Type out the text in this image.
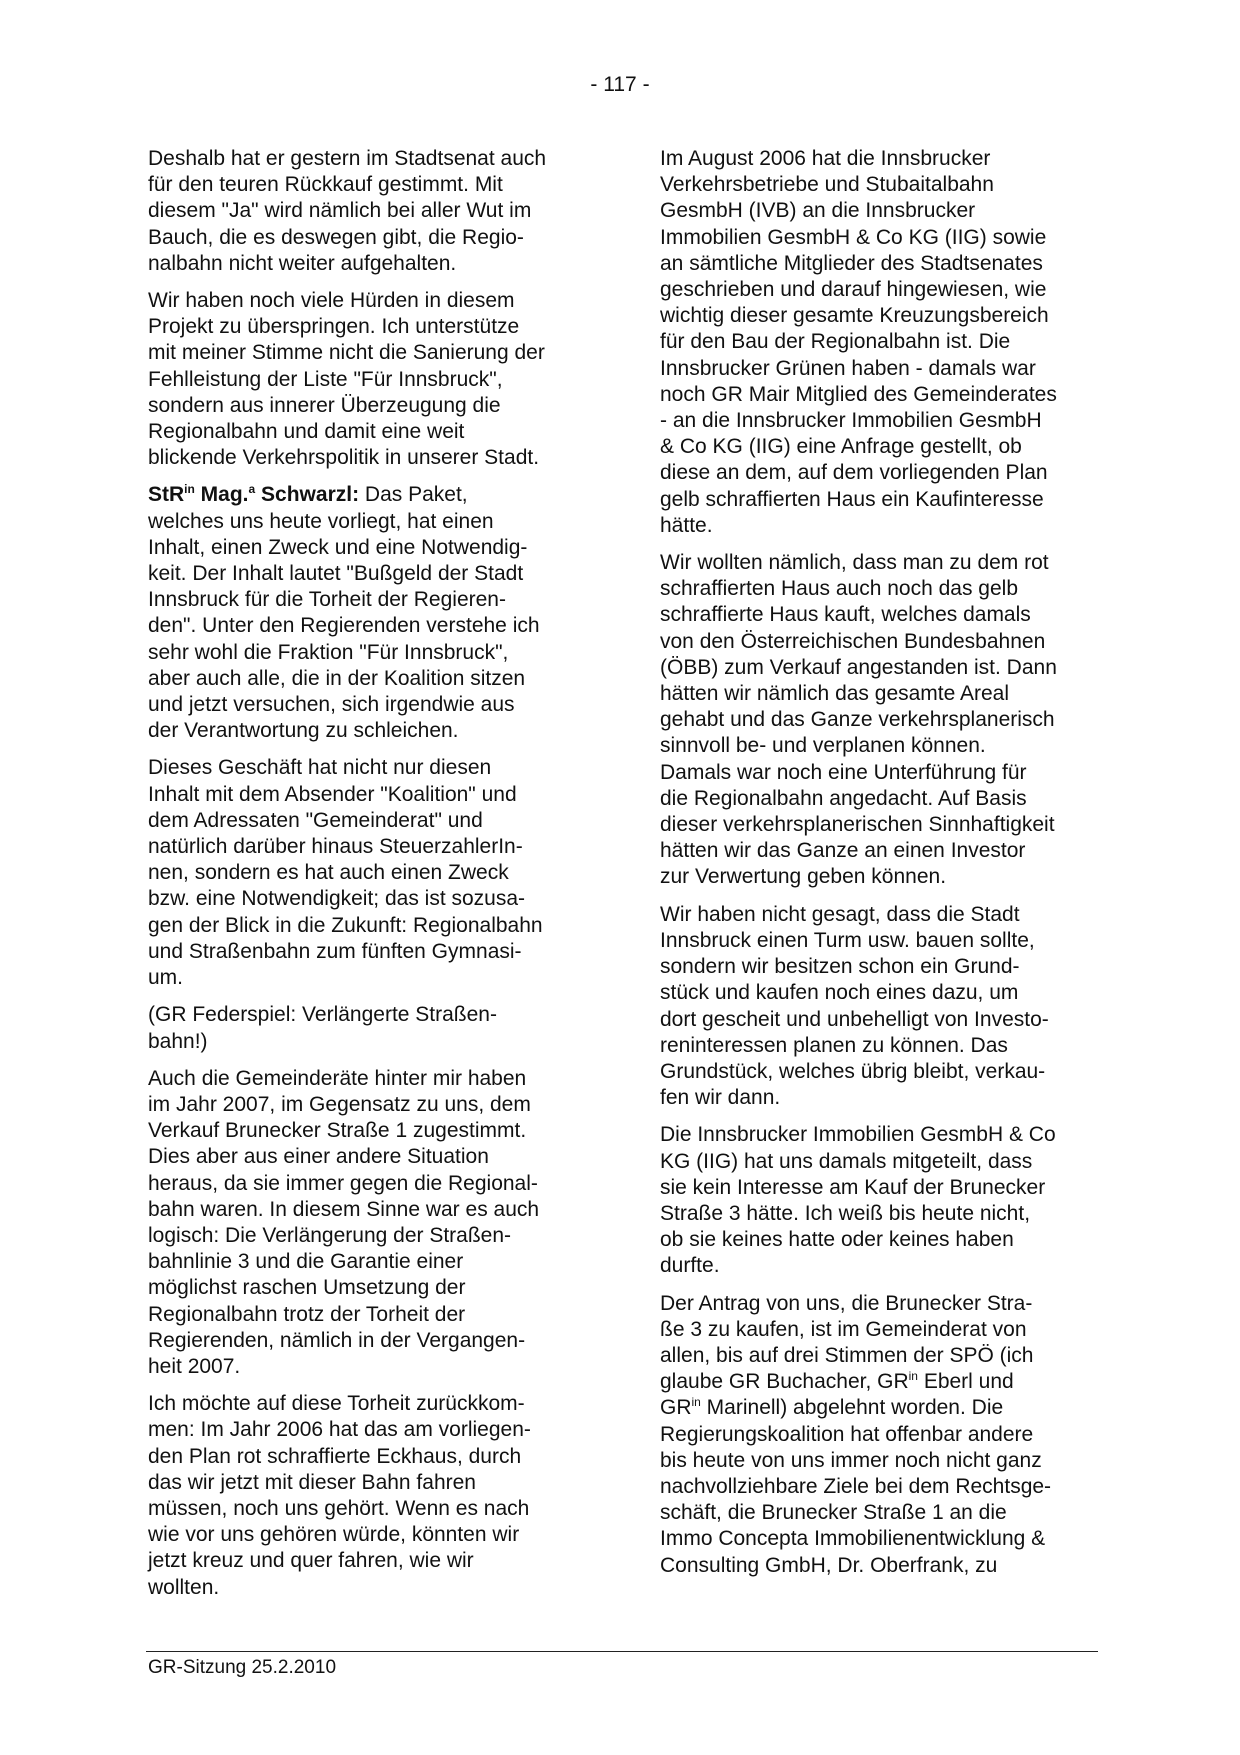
- 117 -
Deshalb hat er gestern im Stadtsenat auch
für den teuren Rückkauf gestimmt. Mit
diesem "Ja" wird nämlich bei aller Wut im
Bauch, die es deswegen gibt, die Regio-
nalbahn nicht weiter aufgehalten.
Wir haben noch viele Hürden in diesem
Projekt zu überspringen. Ich unterstütze
mit meiner Stimme nicht die Sanierung der
Fehlleistung der Liste "Für Innsbruck",
sondern aus innerer Überzeugung die
Regionalbahn und damit eine weit
blickende Verkehrspolitik in unserer Stadt.
StR$^{in}$ Mag.$^a$ Schwarzl: Das Paket,
welches uns heute vorliegt, hat einen
Inhalt, einen Zweck und eine Notwendig-
keit. Der Inhalt lautet "Bußgeld der Stadt
Innsbruck für die Torheit der Regieren-
den". Unter den Regierenden verstehe ich
sehr wohl die Fraktion "Für Innsbruck",
aber auch alle, die in der Koalition sitzen
und jetzt versuchen, sich irgendwie aus
der Verantwortung zu schleichen.
Dieses Geschäft hat nicht nur diesen
Inhalt mit dem Absender "Koalition" und
dem Adressaten "Gemeinderat" und
natürlich darüber hinaus SteuerzahlerIn-
nen, sondern es hat auch einen Zweck
bzw. eine Notwendigkeit; das ist sozusa-
gen der Blick in die Zukunft: Regionalbahn
und Straßenbahn zum fünften Gymnasi-
um.
(GR Federspiel: Verlängerte Straßen-
bahn!)
Auch die Gemeinderäte hinter mir haben
im Jahr 2007, im Gegensatz zu uns, dem
Verkauf Brunecker Straße 1 zugestimmt.
Dies aber aus einer andere Situation
heraus, da sie immer gegen die Regional-
bahn waren. In diesem Sinne war es auch
logisch: Die Verlängerung der Straßen-
bahnlinie 3 und die Garantie einer
möglichst raschen Umsetzung der
Regionalbahn trotz der Torheit der
Regierenden, nämlich in der Vergangen-
heit 2007.
Ich möchte auf diese Torheit zurückkom-
men: Im Jahr 2006 hat das am vorliegen-
den Plan rot schraffierte Eckhaus, durch
das wir jetzt mit dieser Bahn fahren
müssen, noch uns gehört. Wenn es nach
wie vor uns gehören würde, könnten wir
jetzt kreuz und quer fahren, wie wir
wollten.
Im August 2006 hat die Innsbrucker
Verkehrsbetriebe und Stubaitalbahn
GesmbH (IVB) an die Innsbrucker
Immobilien GesmbH & Co KG (IIG) sowie
an sämtliche Mitglieder des Stadtsenates
geschrieben und darauf hingewiesen, wie
wichtig dieser gesamte Kreuzungsbereich
für den Bau der Regionalbahn ist. Die
Innsbrucker Grünen haben - damals war
noch GR Mair Mitglied des Gemeinderates
- an die Innsbrucker Immobilien GesmbH
& Co KG (IIG) eine Anfrage gestellt, ob
diese an dem, auf dem vorliegenden Plan
gelb schraffierten Haus ein Kaufinteresse
hätte.
Wir wollten nämlich, dass man zu dem rot
schraffierten Haus auch noch das gelb
schraffierte Haus kauft, welches damals
von den Österreichischen Bundesbahnen
(ÖBB) zum Verkauf angestanden ist. Dann
hätten wir nämlich das gesamte Areal
gehabt und das Ganze verkehrsplanerisch
sinnvoll be- und verplanen können.
Damals war noch eine Unterführung für
die Regionalbahn angedacht. Auf Basis
dieser verkehrsplanerischen Sinnhaftigkeit
hätten wir das Ganze an einen Investor
zur Verwertung geben können.
Wir haben nicht gesagt, dass die Stadt
Innsbruck einen Turm usw. bauen sollte,
sondern wir besitzen schon ein Grund-
stück und kaufen noch eines dazu, um
dort gescheit und unbehelligt von Investo-
reninteressen planen zu können. Das
Grundstück, welches übrig bleibt, verkau-
fen wir dann.
Die Innsbrucker Immobilien GesmbH & Co
KG (IIG) hat uns damals mitgeteilt, dass
sie kein Interesse am Kauf der Brunecker
Straße 3 hätte. Ich weiß bis heute nicht,
ob sie keines hatte oder keines haben
durfte.
Der Antrag von uns, die Brunecker Stra-
ße 3 zu kaufen, ist im Gemeinderat von
allen, bis auf drei Stimmen der SPÖ (ich
glaube GR Buchacher, $GR^{in}$ Eberl und
$GR^{in}$ Marinell) abgelehnt worden. Die
Regierungskoalition hat offenbar andere
bis heute von uns immer noch nicht ganz
nachvollziehbare Ziele bei dem Rechtsge-
schäft, die Brunecker Straße 1 an die
Immo Concepta Immobilienentwicklung &
Consulting GmbH, Dr. Oberfrank, zu
GR-Sitzung 25.2.2010
